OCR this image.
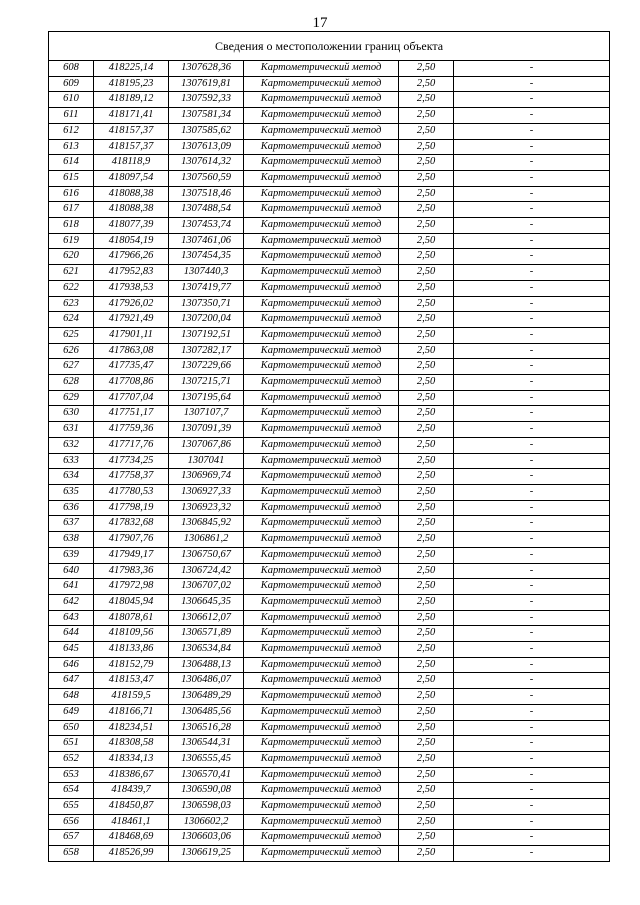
17
Сведения о местоположении границ объекта					
608	418225,14	1307628,36	Картометрический метод	2,50	-
609	418195,23	1307619,81	Картометрический метод	2,50	-
610	418189,12	1307592,33	Картометрический метод	2,50	-
611	418171,41	1307581,34	Картометрический метод	2,50	-
612	418157,37	1307585,62	Картометрический метод	2,50	-
613	418157,37	1307613,09	Картометрический метод	2,50	-
614	418118,9	1307614,32	Картометрический метод	2,50	-
615	418097,54	1307560,59	Картометрический метод	2,50	-
616	418088,38	1307518,46	Картометрический метод	2,50	-
617	418088,38	1307488,54	Картометрический метод	2,50	-
618	418077,39	1307453,74	Картометрический метод	2,50	-
619	418054,19	1307461,06	Картометрический метод	2,50	-
620	417966,26	1307454,35	Картометрический метод	2,50	-
621	417952,83	1307440,3	Картометрический метод	2,50	-
622	417938,53	1307419,77	Картометрический метод	2,50	-
623	417926,02	1307350,71	Картометрический метод	2,50	-
624	417921,49	1307200,04	Картометрический метод	2,50	-
625	417901,11	1307192,51	Картометрический метод	2,50	-
626	417863,08	1307282,17	Картометрический метод	2,50	-
627	417735,47	1307229,66	Картометрический метод	2,50	-
628	417708,86	1307215,71	Картометрический метод	2,50	-
629	417707,04	1307195,64	Картометрический метод	2,50	-
630	417751,17	1307107,7	Картометрический метод	2,50	-
631	417759,36	1307091,39	Картометрический метод	2,50	-
632	417717,76	1307067,86	Картометрический метод	2,50	-
633	417734,25	1307041	Картометрический метод	2,50	-
634	417758,37	1306969,74	Картометрический метод	2,50	-
635	417780,53	1306927,33	Картометрический метод	2,50	-
636	417798,19	1306923,32	Картометрический метод	2,50	-
637	417832,68	1306845,92	Картометрический метод	2,50	-
638	417907,76	1306861,2	Картометрический метод	2,50	-
639	417949,17	1306750,67	Картометрический метод	2,50	-
640	417983,36	1306724,42	Картометрический метод	2,50	-
641	417972,98	1306707,02	Картометрический метод	2,50	-
642	418045,94	1306645,35	Картометрический метод	2,50	-
643	418078,61	1306612,07	Картометрический метод	2,50	-
644	418109,56	1306571,89	Картометрический метод	2,50	-
645	418133,86	1306534,84	Картометрический метод	2,50	-
646	418152,79	1306488,13	Картометрический метод	2,50	-
647	418153,47	1306486,07	Картометрический метод	2,50	-
648	418159,5	1306489,29	Картометрический метод	2,50	-
649	418166,71	1306485,56	Картометрический метод	2,50	-
650	418234,51	1306516,28	Картометрический метод	2,50	-
651	418308,58	1306544,31	Картометрический метод	2,50	-
652	418334,13	1306555,45	Картометрический метод	2,50	-
653	418386,67	1306570,41	Картометрический метод	2,50	-
654	418439,7	1306590,08	Картометрический метод	2,50	-
655	418450,87	1306598,03	Картометрический метод	2,50	-
656	418461,1	1306602,2	Картометрический метод	2,50	-
657	418468,69	1306603,06	Картометрический метод	2,50	-
658	418526,99	1306619,25	Картометрический метод	2,50	-
